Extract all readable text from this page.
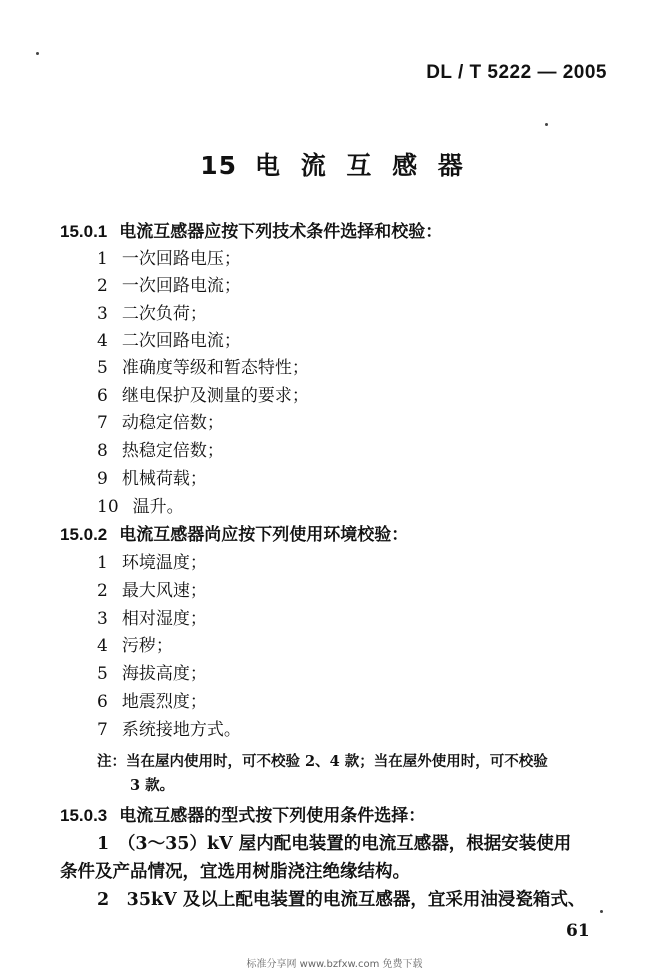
DL / T 5222 — 2005
15 电 流 互 感 器
15.0.1 电流互感器应按下列技术条件选择和校验：
1 一次回路电压；
2 一次回路电流；
3 二次负荷；
4 二次回路电流；
5 准确度等级和暂态特性；
6 继电保护及测量的要求；
7 动稳定倍数；
8 热稳定倍数；
9 机械荷载；
10 温升。
15.0.2 电流互感器尚应按下列使用环境校验：
1 环境温度；
2 最大风速；
3 相对湿度；
4 污秽；
5 海拔高度；
6 地震烈度；
7 系统接地方式。
注：当在屋内使用时，可不校验 2、4 款；当在屋外使用时，可不校验
3 款。
15.0.3 电流互感器的型式按下列使用条件选择：
1　（3～35）kV 屋内配电装置的电流互感器，根据安装使用
条件及产品情况，宜选用树脂浇注绝缘结构。
2　35kV 及以上配电装置的电流互感器，宜采用油浸瓷箱式、
61
标准分享网 www.bzfxw.com 免费下载
